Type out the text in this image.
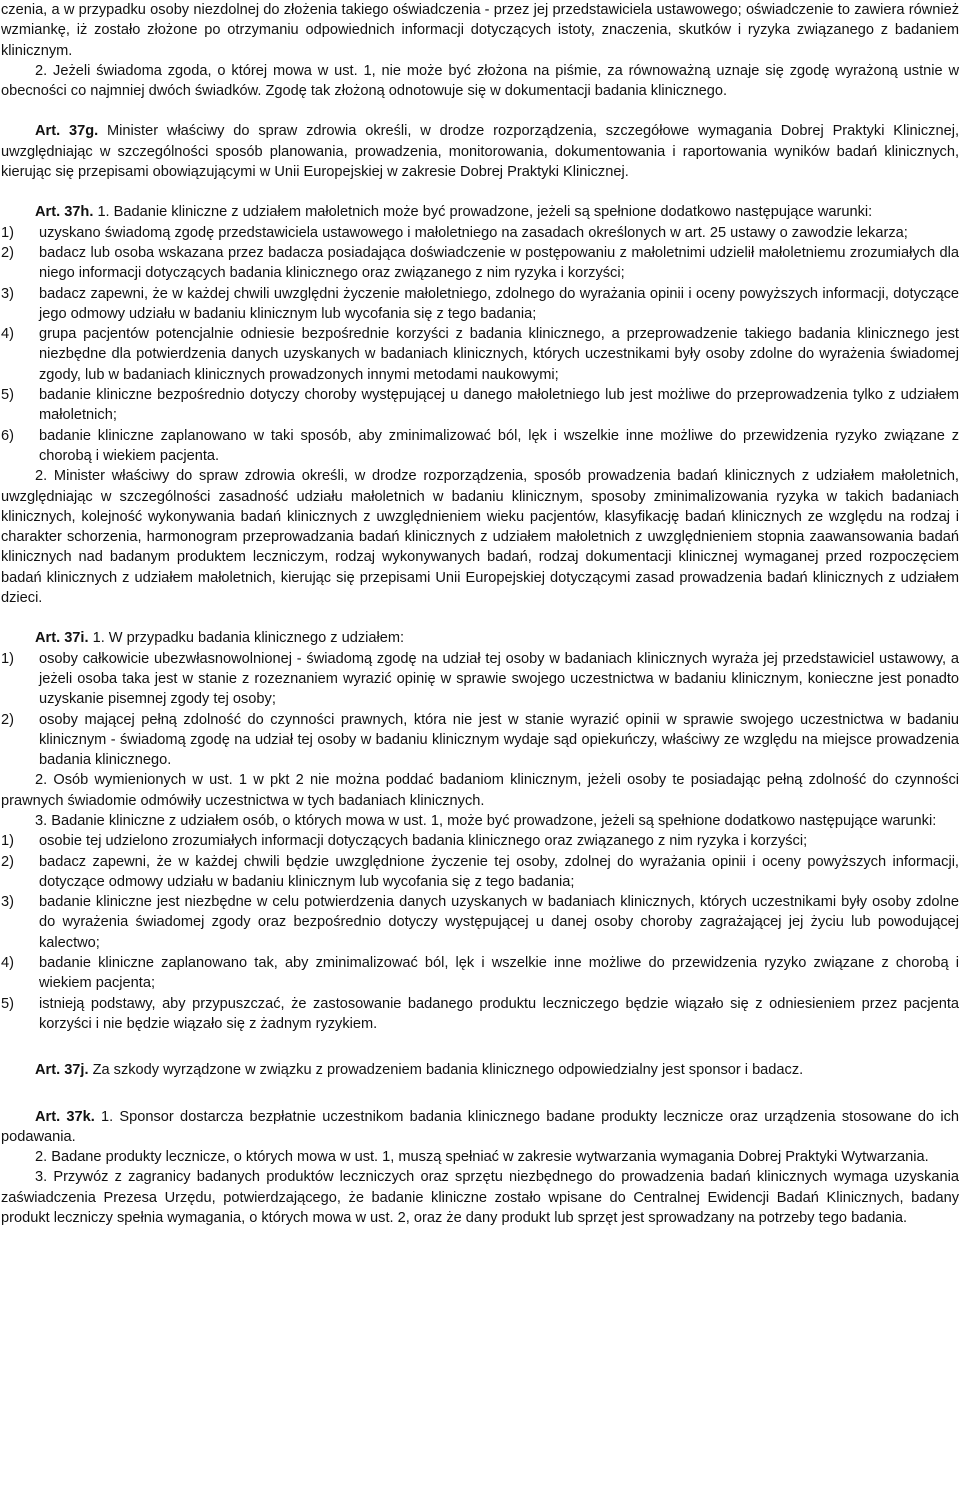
czenia, a w przypadku osoby niezdolnej do złożenia takiego oświadczenia - przez jej przedstawiciela ustawowego; oświadczenie to zawiera również wzmiankę, iż zostało złożone po otrzymaniu odpowiednich informacji dotyczących istoty, znaczenia, skutków i ryzyka związanego z badaniem klinicznym.

2. Jeżeli świadoma zgoda, o której mowa w ust. 1, nie może być złożona na piśmie, za równoważną uznaje się zgodę wyrażoną ustnie w obecności co najmniej dwóch świadków. Zgodę tak złożoną odnotowuje się w dokumentacji badania klinicznego.

Art. 37g. Minister właściwy do spraw zdrowia określi, w drodze rozporządzenia, szczegółowe wymagania Dobrej Praktyki Klinicznej, uwzględniając w szczególności sposób planowania, prowadzenia, monitorowania, dokumentowania i raportowania wyników badań klinicznych, kierując się przepisami obowiązującymi w Unii Europejskiej w zakresie Dobrej Praktyki Klinicznej.

Art. 37h. 1. Badanie kliniczne z udziałem małoletnich może być prowadzone, jeżeli są spełnione dodatkowo następujące warunki:

1)	uzyskano świadomą zgodę przedstawiciela ustawowego i małoletniego na zasadach określonych w art. 25 ustawy o zawodzie lekarza;
2)	badacz lub osoba wskazana przez badacza posiadająca doświadczenie w postępowaniu z małoletnimi udzielił małoletniemu zrozumiałych dla niego informacji dotyczących badania klinicznego oraz związanego z nim ryzyka i korzyści;
3)	badacz zapewni, że w każdej chwili uwzględni życzenie małoletniego, zdolnego do wyrażania opinii i oceny powyższych informacji, dotyczące jego odmowy udziału w badaniu klinicznym lub wycofania się z tego badania;
4)	grupa pacjentów potencjalnie odniesie bezpośrednie korzyści z badania klinicznego, a przeprowadzenie takiego badania klinicznego jest niezbędne dla potwierdzenia danych uzyskanych w badaniach klinicznych, których uczestnikami były osoby zdolne do wyrażenia świadomej zgody, lub w badaniach klinicznych prowadzonych innymi metodami naukowymi;
5)	badanie kliniczne bezpośrednio dotyczy choroby występującej u danego małoletniego lub jest możliwe do przeprowadzenia tylko z udziałem małoletnich;
6)	badanie kliniczne zaplanowano w taki sposób, aby zminimalizować ból, lęk i wszelkie inne możliwe do przewidzenia ryzyko związane z chorobą i wiekiem pacjenta.

2. Minister właściwy do spraw zdrowia określi, w drodze rozporządzenia, sposób prowadzenia badań klinicznych z udziałem małoletnich, uwzględniając w szczególności zasadność udziału małoletnich w badaniu klinicznym, sposoby zminimalizowania ryzyka w takich badaniach klinicznych, kolejność wykonywania badań klinicznych z uwzględnieniem wieku pacjentów, klasyfikację badań klinicznych ze względu na rodzaj i charakter schorzenia, harmonogram przeprowadzania badań klinicznych z udziałem małoletnich z uwzględnieniem stopnia zaawansowania badań klinicznych nad badanym produktem leczniczym, rodzaj wykonywanych badań, rodzaj dokumentacji klinicznej wymaganej przed rozpoczęciem badań klinicznych z udziałem małoletnich, kierując się przepisami Unii Europejskiej dotyczącymi zasad prowadzenia badań klinicznych z udziałem dzieci.

Art. 37i. 1. W przypadku badania klinicznego z udziałem:

1)	osoby całkowicie ubezwłasnowolnionej - świadomą zgodę na udział tej osoby w badaniach klinicznych wyraża jej przedstawiciel ustawowy, a jeżeli osoba taka jest w stanie z rozeznaniem wyrazić opinię w sprawie swojego uczestnictwa w badaniu klinicznym, konieczne jest ponadto uzyskanie pisemnej zgody tej osoby;
2)	osoby mającej pełną zdolność do czynności prawnych, która nie jest w stanie wyrazić opinii w sprawie swojego uczestnictwa w badaniu klinicznym - świadomą zgodę na udział tej osoby w badaniu klinicznym wydaje sąd opiekuńczy, właściwy ze względu na miejsce prowadzenia badania klinicznego.

2. Osób wymienionych w ust. 1 w pkt 2 nie można poddać badaniom klinicznym, jeżeli osoby te posiadając pełną zdolność do czynności prawnych świadomie odmówiły uczestnictwa w tych badaniach klinicznych.

3. Badanie kliniczne z udziałem osób, o których mowa w ust. 1, może być prowadzone, jeżeli są spełnione dodatkowo następujące warunki:

1)	osobie tej udzielono zrozumiałych informacji dotyczących badania klinicznego oraz związanego z nim ryzyka i korzyści;
2)	badacz zapewni, że w każdej chwili będzie uwzględnione życzenie tej osoby, zdolnej do wyrażania opinii i oceny powyższych informacji, dotyczące odmowy udziału w badaniu klinicznym lub wycofania się z tego badania;
3)	badanie kliniczne jest niezbędne w celu potwierdzenia danych uzyskanych w badaniach klinicznych, których uczestnikami były osoby zdolne do wyrażenia świadomej zgody oraz bezpośrednio dotyczy występującej u danej osoby choroby zagrażającej jej życiu lub powodującej kalectwo;
4)	badanie kliniczne zaplanowano tak, aby zminimalizować ból, lęk i wszelkie inne możliwe do przewidzenia ryzyko związane z chorobą i wiekiem pacjenta;
5)	istnieją podstawy, aby przypuszczać, że zastosowanie badanego produktu leczniczego będzie wiązało się z odniesieniem przez pacjenta korzyści i nie będzie wiązało się z żadnym ryzykiem.

Art. 37j. Za szkody wyrządzone w związku z prowadzeniem badania klinicznego odpowiedzialny jest sponsor i badacz.

Art. 37k. 1. Sponsor dostarcza bezpłatnie uczestnikom badania klinicznego badane produkty lecznicze oraz urządzenia stosowane do ich podawania.

2. Badane produkty lecznicze, o których mowa w ust. 1, muszą spełniać w zakresie wytwarzania wymagania Dobrej Praktyki Wytwarzania.

3. Przywóz z zagranicy badanych produktów leczniczych oraz sprzętu niezbędnego do prowadzenia badań klinicznych wymaga uzyskania zaświadczenia Prezesa Urzędu, potwierdzającego, że badanie kliniczne zostało wpisane do Centralnej Ewidencji Badań Klinicznych, badany produkt leczniczy spełnia wymagania, o których mowa w ust. 2, oraz że dany produkt lub sprzęt jest sprowadzany na potrzeby tego badania.
